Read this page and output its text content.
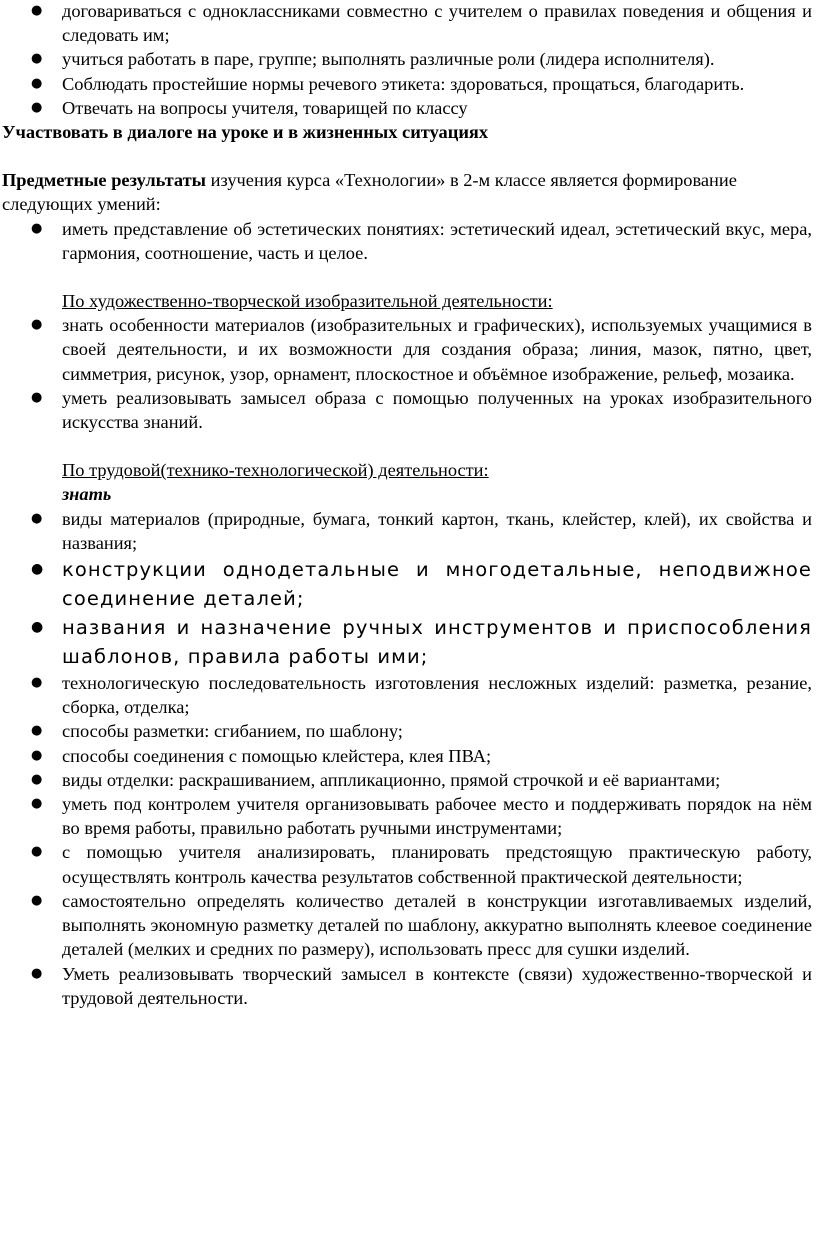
● договариваться с одноклассниками совместно с учителем о правилах поведения и общения и следовать им;
● учиться работать в паре, группе; выполнять различные роли (лидера исполнителя).
● Соблюдать простейшие нормы речевого этикета: здороваться, прощаться, благодарить.
● Отвечать на вопросы учителя, товарищей по классу
Участвовать в диалоге на уроке и в жизненных ситуациях
Предметные результаты изучения курса «Технологии» в 2-м классе является формирование следующих умений:
● иметь представление об эстетических понятиях: эстетический идеал, эстетический вкус, мера, гармония, соотношение, часть и целое.
По художественно-творческой изобразительной деятельности:
● знать особенности материалов (изобразительных и графических), используемых учащимися в своей деятельности, и их возможности для создания образа; линия, мазок, пятно, цвет, симметрия, рисунок, узор, орнамент, плоскостное и объёмное изображение, рельеф, мозаика.
● уметь реализовывать замысел образа с помощью полученных на уроках изобразительного искусства знаний.
По трудовой(технико-технологической) деятельности:
знать
● виды материалов (природные, бумага, тонкий картон, ткань, клейстер, клей), их свойства и названия;
● конструкции однодетальные и многодетальные, неподвижное соединение деталей;
● названия и назначение ручных инструментов и приспособления шаблонов, правила работы ими;
● технологическую последовательность изготовления несложных изделий: разметка, резание, сборка, отделка;
● способы разметки: сгибанием, по шаблону;
● способы соединения с помощью клейстера, клея ПВА;
● виды отделки: раскрашиванием, аппликационно, прямой строчкой и её вариантами;
● уметь под контролем учителя организовывать рабочее место и поддерживать порядок на нём во время работы, правильно работать ручными инструментами;
● с помощью учителя анализировать, планировать предстоящую практическую работу, осуществлять контроль качества результатов собственной практической деятельности;
● самостоятельно определять количество деталей в конструкции изготавливаемых изделий, выполнять экономную разметку деталей по шаблону, аккуратно выполнять клеевое соединение деталей (мелких и средних по размеру), использовать пресс для сушки изделий.
● Уметь реализовывать творческий замысел в контексте (связи) художественно-творческой и трудовой деятельности.
